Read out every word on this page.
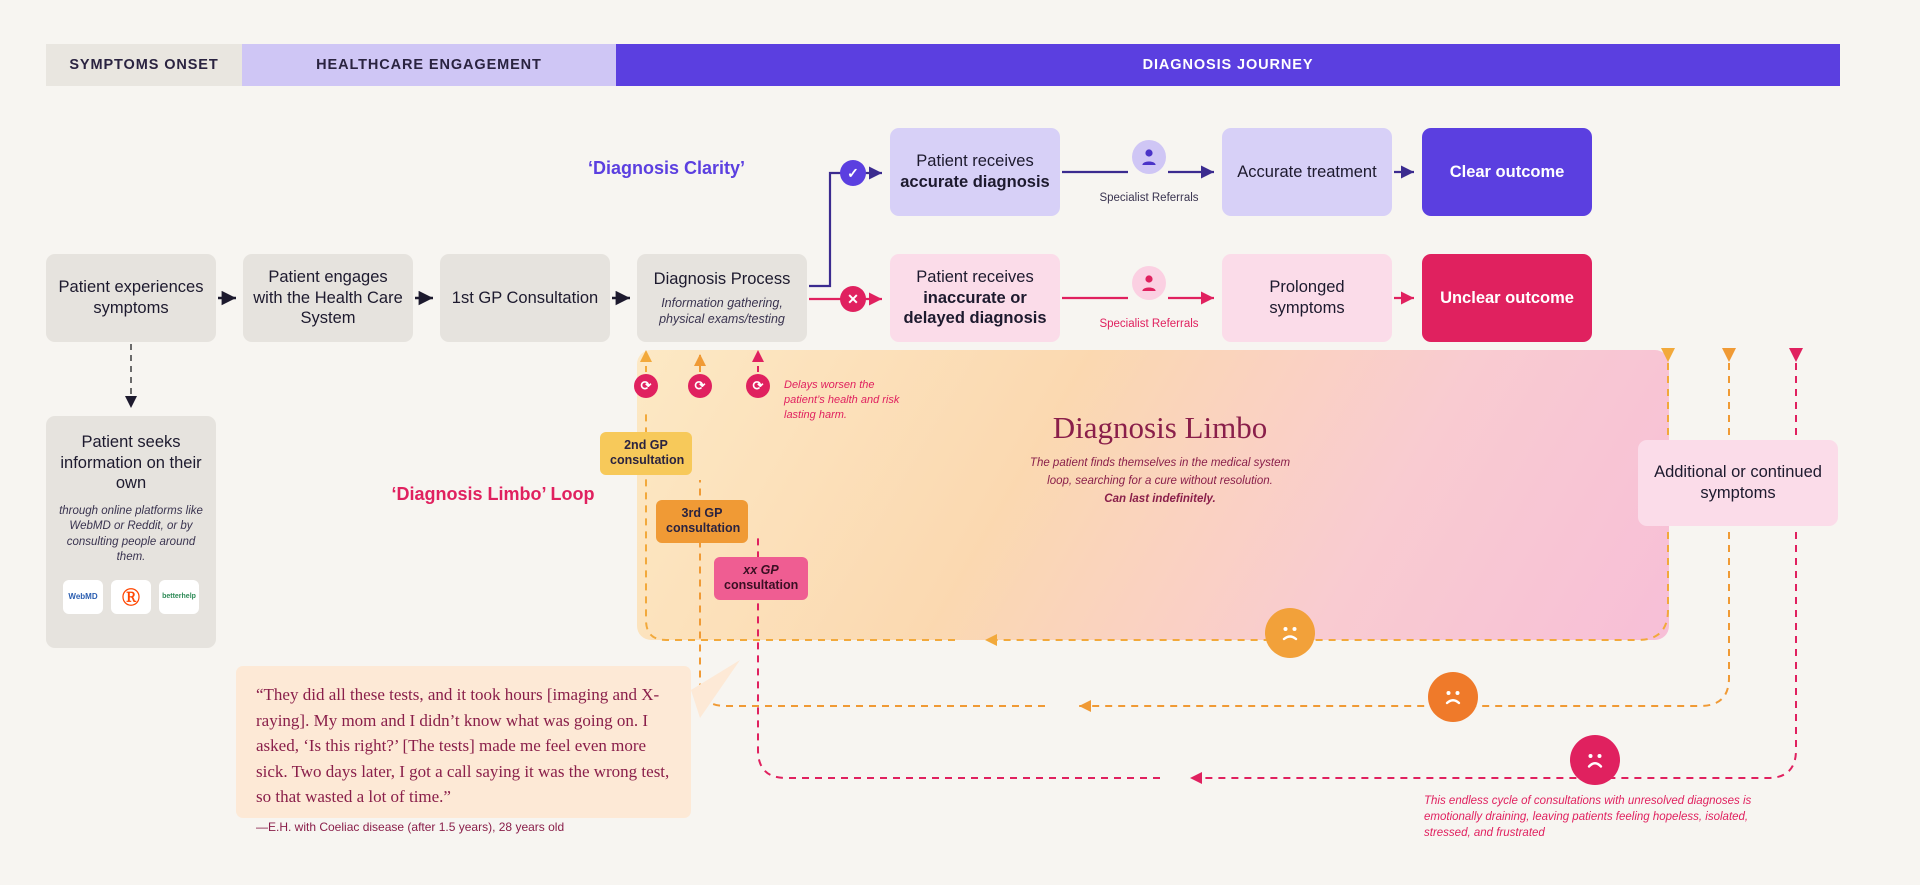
SYMPTOMS ONSET	HEALTHCARE ENGAGEMENT	DIAGNOSIS JOURNEY
Patient experiences symptoms
Patient engages with the Health Care System
1st GP Consultation
Diagnosis Process
Information gathering, physical exams/testing
Patient receives
accurate diagnosis
Patient receives
inaccurate or delayed diagnosis
Accurate treatment
Prolonged symptoms
Clear outcome
Unclear outcome
Additional or continued symptoms
Patient seeks information on their own
through online platforms like WebMD or Reddit, or by consulting people around them.
WebMD	Ⓡ	betterhelp
✓
✕
⟳	⟳	⟳
Specialist Referrals
Specialist Referrals
‘Diagnosis Clarity’
‘Diagnosis Limbo’ Loop
Delays worsen the patient’s health and risk lasting harm.
This endless cycle of consultations with unresolved diagnoses is emotionally draining, leaving patients feeling hopeless, isolated, stressed, and frustrated
Diagnosis Limbo
The patient finds themselves in the medical system
loop, searching for a cure without resolution.
Can last indefinitely.
2nd GP
consultation
3rd GP
consultation
xx GP
consultation
“They did all these tests, and it took hours [imaging and X-raying]. My mom and I didn’t know what was going on. I asked, ‘Is this right?’ [The tests] made me feel even more sick. Two days later, I got a call saying it was the wrong test, so that wasted a lot of time.”
—E.H. with Coeliac disease (after 1.5 years), 28 years old
